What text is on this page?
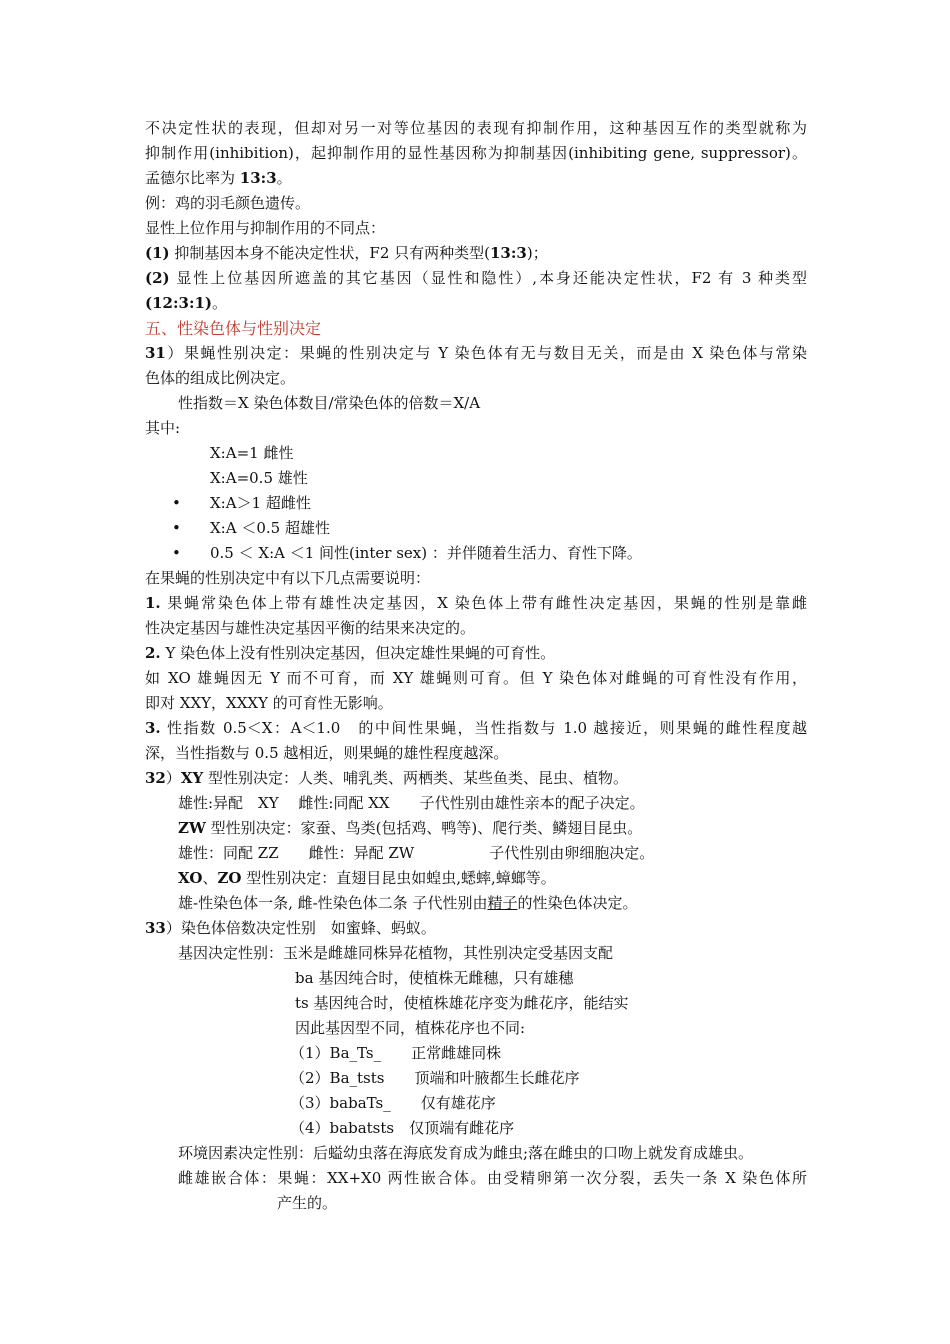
不决定性状的表现，但却对另一对等位基因的表现有抑制作用，这种基因互作的类型就称为
抑制作用(inhibition)，起抑制作用的显性基因称为抑制基因(inhibiting gene, suppressor)。
孟德尔比率为 13:3。
例：鸡的羽毛颜色遗传。
显性上位作用与抑制作用的不同点：
(1) 抑制基因本身不能决定性状，F2 只有两种类型(13:3)；
(2) 显性上位基因所遮盖的其它基因（显性和隐性）,本身还能决定性状，F2 有 3 种类型
(12:3:1)。
五、性染色体与性别决定
31）果蝇性别决定：果蝇的性别决定与 Y 染色体有无与数目无关，而是由 X 染色体与常染
色体的组成比例决定。
性指数＝X 染色体数目/常染色体的倍数＝X/A
其中:
X:A=1 雌性
X:A=0.5 雄性
•	X:A＞1 超雌性
•	X:A ＜0.5 超雄性
•	0.5 ＜ X:A ＜1 间性(inter sex) ：并伴随着生活力、育性下降。
在果蝇的性别决定中有以下几点需要说明：
1. 果蝇常染色体上带有雄性决定基因，X 染色体上带有雌性决定基因，果蝇的性别是靠雌
性决定基因与雄性决定基因平衡的结果来决定的。
2. Y 染色体上没有性别决定基因，但决定雄性果蝇的可育性。
如 XO 雄蝇因无 Y 而不可育，而 XY 雄蝇则可育。但 Y 染色体对雌蝇的可育性没有作用，
即对 XXY，XXXY 的可育性无影响。
3. 性指数 0.5＜X：A＜1.0　的中间性果蝇，当性指数与 1.0 越接近，则果蝇的雌性程度越
深，当性指数与 0.5 越相近，则果蝇的雄性程度越深。
32）XY 型性别决定：人类、哺乳类、两栖类、某些鱼类、昆虫、植物。
雄性:异配　XY　 雌性:同配 XX　　子代性别由雄性亲本的配子决定。
ZW 型性别决定：家蚕、鸟类(包括鸡、鸭等)、爬行类、鳞翅目昆虫。
雄性：同配 ZZ　　雌性：异配 ZW　　　　　子代性别由卵细胞决定。
XO、ZO 型性别决定：直翅目昆虫如蝗虫,蟋蟀,蟑螂等。
雄-性染色体一条, 雌-性染色体二条 子代性别由精子的性染色体决定。
33）染色体倍数决定性别　如蜜蜂、蚂蚁。
基因决定性别：玉米是雌雄同株异花植物，其性别决定受基因支配
ba 基因纯合时，使植株无雌穗，只有雄穗
ts 基因纯合时，使植株雄花序变为雌花序，能结实
因此基因型不同，植株花序也不同:
（1）Ba_Ts_　　正常雌雄同株
（2）Ba_tsts　　顶端和叶腋都生长雌花序
（3）babaTs_　　仅有雄花序
（4）babatsts　仅顶端有雌花序
环境因素决定性别：后螠幼虫落在海底发育成为雌虫;落在雌虫的口吻上就发育成雄虫。
雌雄嵌合体：果蝇：XX+X0 两性嵌合体。由受精卵第一次分裂，丢失一条 X 染色体所
产生的。
